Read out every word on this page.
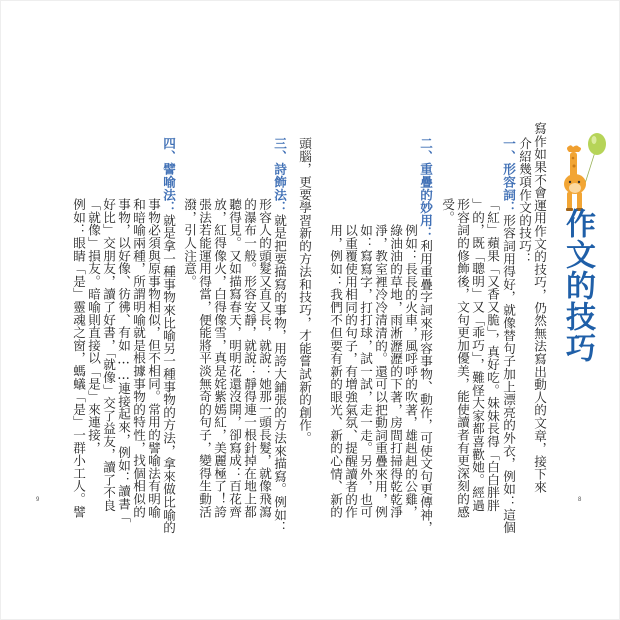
作文的技巧
寫作如果不會運用作文的技巧，仍然無法寫出動人的文章，接下來
介紹幾項作文的技巧：
一、形容詞：形容詞用得好，就像替句子加上漂亮的外衣，例如：這個
「紅」蘋果「又香又脆」，真好吃。妹妹長得「白白胖胖
」的，既「聰明」又「乖巧」，難怪大家都喜歡她。經過
形容詞的修飾後，文句更加優美，能使讀者有更深刻的感
受。
二、重疊的妙用：利用重疊字詞來形容事物、動作，可使文句更傳神，
例如：長長的火車，風呼呼的吹著，雄赳赳的公雞，
綠油油的草地，雨淅瀝瀝的下著，房間打掃得乾乾淨
淨，教室裡冷冷清清的。還可以把動詞重疊來用，例
如：寫寫字，打打球，試一試，走一走。另外，也可
以重覆使用相同的句子，有增強氣氛、提醒讀者的作
用，例如：我們不但要有新的眼光、新的心情、新的
頭腦，更要學習新的方法和技巧，才能嘗試新的創作。
三、詩飾法：就是把要描寫的事物，用誇大鋪張的方法來描寫。例如：
形容人的頭髮又直又長，就說：她那一頭長髮，就像飛瀉
的瀑布一般。形容安靜，就說：靜得連一根針掉在地上都
聽得見。又如描寫春天，明明花還沒開，卻寫成：百花齊
放，紅得像火，白得像雪，真是姹紫嫣紅，美麗極了！誇
張法若能運用得當，便能將平淡無奇的句子，變得生動活
潑，引人注意。
四、譬喻法：就是拿一種事物來比喻另一種事物的方法，拿來做比喻的
事物必須與原事物相似，但不相同。常用的譬喻法有明喻
和暗喻兩種，所謂明喻就是根據事物的特性，找個相似的
事物，以好像、彷彿、有如……連接起來，例如：讀書「
好比」交朋友，讀了好書，「就像」交了益友，讀了不良
「就像」損友。暗喻則直接以「是」來連接，
例如：眼睛「是」靈魂之窗，螞蟻「是」一群小工人。譬
9	8
